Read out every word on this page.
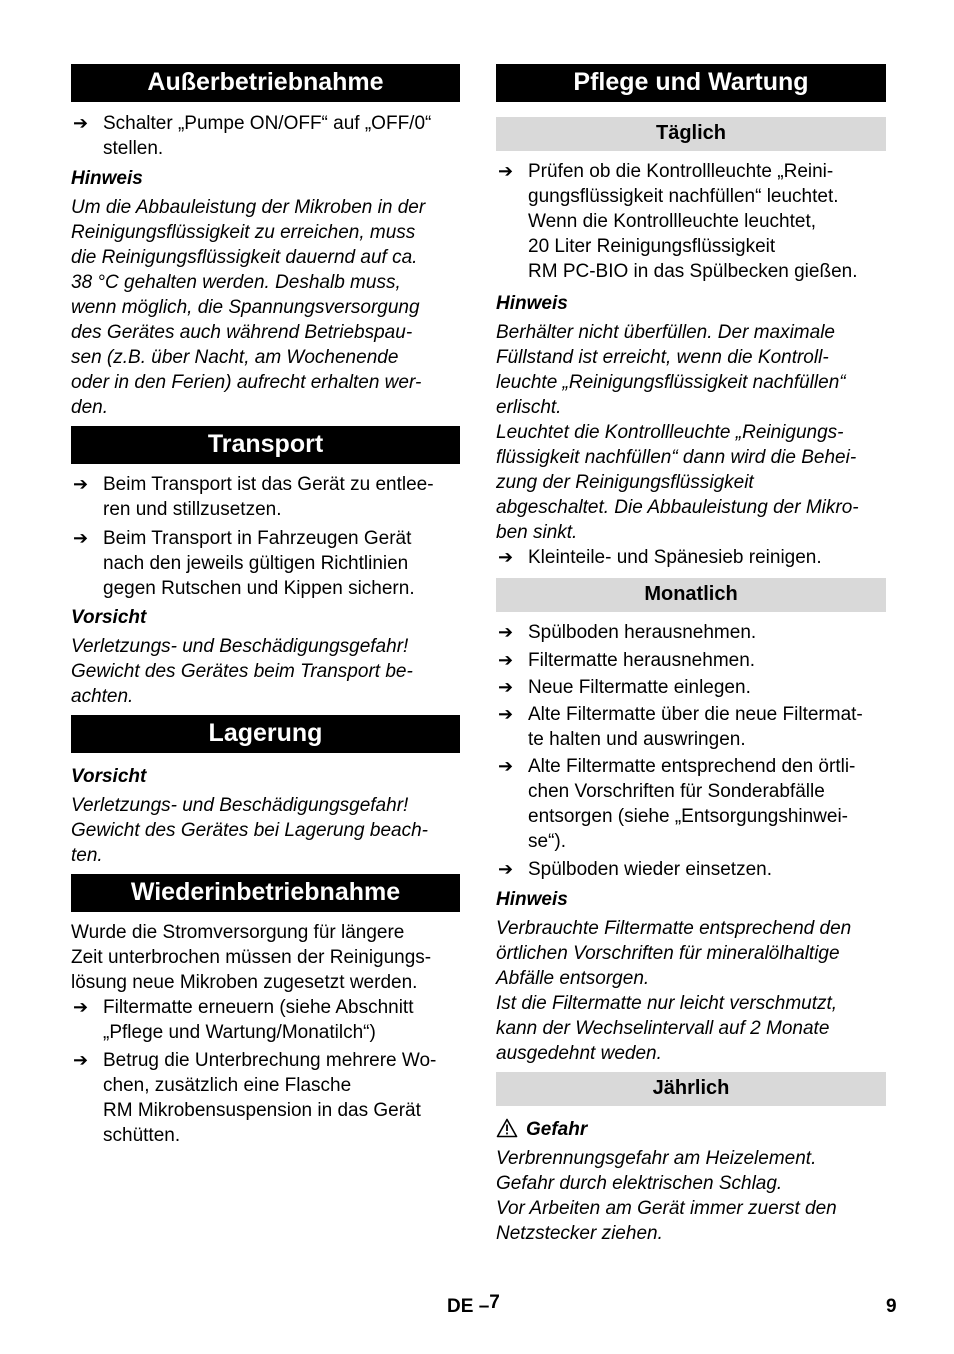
Außerbetriebnahme
➔ Schalter „Pumpe ON/OFF“ auf „OFF/0“
stellen.
Hinweis
Um die Abbauleistung der Mikroben in der
Reinigungsflüssigkeit zu erreichen, muss
die Reinigungsflüssigkeit dauernd auf ca.
38 °C gehalten werden. Deshalb muss,
wenn möglich, die Spannungsversorgung
des Gerätes auch während Betriebspau-
sen (z.B. über Nacht, am Wochenende
oder in den Ferien) aufrecht erhalten wer-
den.
Transport
➔ Beim Transport ist das Gerät zu entlee-
ren und stillzusetzen.
➔ Beim Transport in Fahrzeugen Gerät
nach den jeweils gültigen Richtlinien
gegen Rutschen und Kippen sichern.
Vorsicht
Verletzungs- und Beschädigungsgefahr!
Gewicht des Gerätes beim Transport be-
achten.
Lagerung
Vorsicht
Verletzungs- und Beschädigungsgefahr!
Gewicht des Gerätes bei Lagerung beach-
ten.
Wiederinbetriebnahme
Wurde die Stromversorgung für längere
Zeit unterbrochen müssen der Reinigungs-
lösung neue Mikroben zugesetzt werden.
➔ Filtermatte erneuern (siehe Abschnitt
„Pflege und Wartung/Monatilch“)
➔ Betrug die Unterbrechung mehrere Wo-
chen, zusätzlich eine Flasche
RM Mikrobensuspension in das Gerät
schütten.
Pflege und Wartung
Täglich
➔ Prüfen ob die Kontrollleuchte „Reini-
gungsflüssigkeit nachfüllen“ leuchtet.
Wenn die Kontrollleuchte leuchtet,
20 Liter Reinigungsflüssigkeit
RM PC-BIO in das Spülbecken gießen.
Hinweis
Berhälter nicht überfüllen. Der maximale
Füllstand ist erreicht, wenn die Kontroll-
leuchte „Reinigungsflüssigkeit nachfüllen“
erlischt.
Leuchtet die Kontrollleuchte „Reinigungs-
flüssigkeit nachfüllen“ dann wird die Behei-
zung der Reinigungsflüssigkeit
abgeschaltet. Die Abbauleistung der Mikro-
ben sinkt.
➔ Kleinteile- und Spänesieb reinigen.
Monatlich
➔ Spülboden herausnehmen.
➔ Filtermatte herausnehmen.
➔ Neue Filtermatte einlegen.
➔ Alte Filtermatte über die neue Filtermat-
te halten und auswringen.
➔ Alte Filtermatte entsprechend den örtli-
chen Vorschriften für Sonderabfälle
entsorgen (siehe „Entsorgungshinwei-
se“).
➔ Spülboden wieder einsetzen.
Hinweis
Verbrauchte Filtermatte entsprechend den
örtlichen Vorschriften für mineralölhaltige
Abfälle entsorgen.
Ist die Filtermatte nur leicht verschmutzt,
kann der Wechselintervall auf 2 Monate
ausgedehnt weden.
Jährlich
Gefahr
Verbrennungsgefahr am Heizelement.
Gefahr durch elektrischen Schlag.
Vor Arbeiten am Gerät immer zuerst den
Netzstecker ziehen.
DE –7	9
